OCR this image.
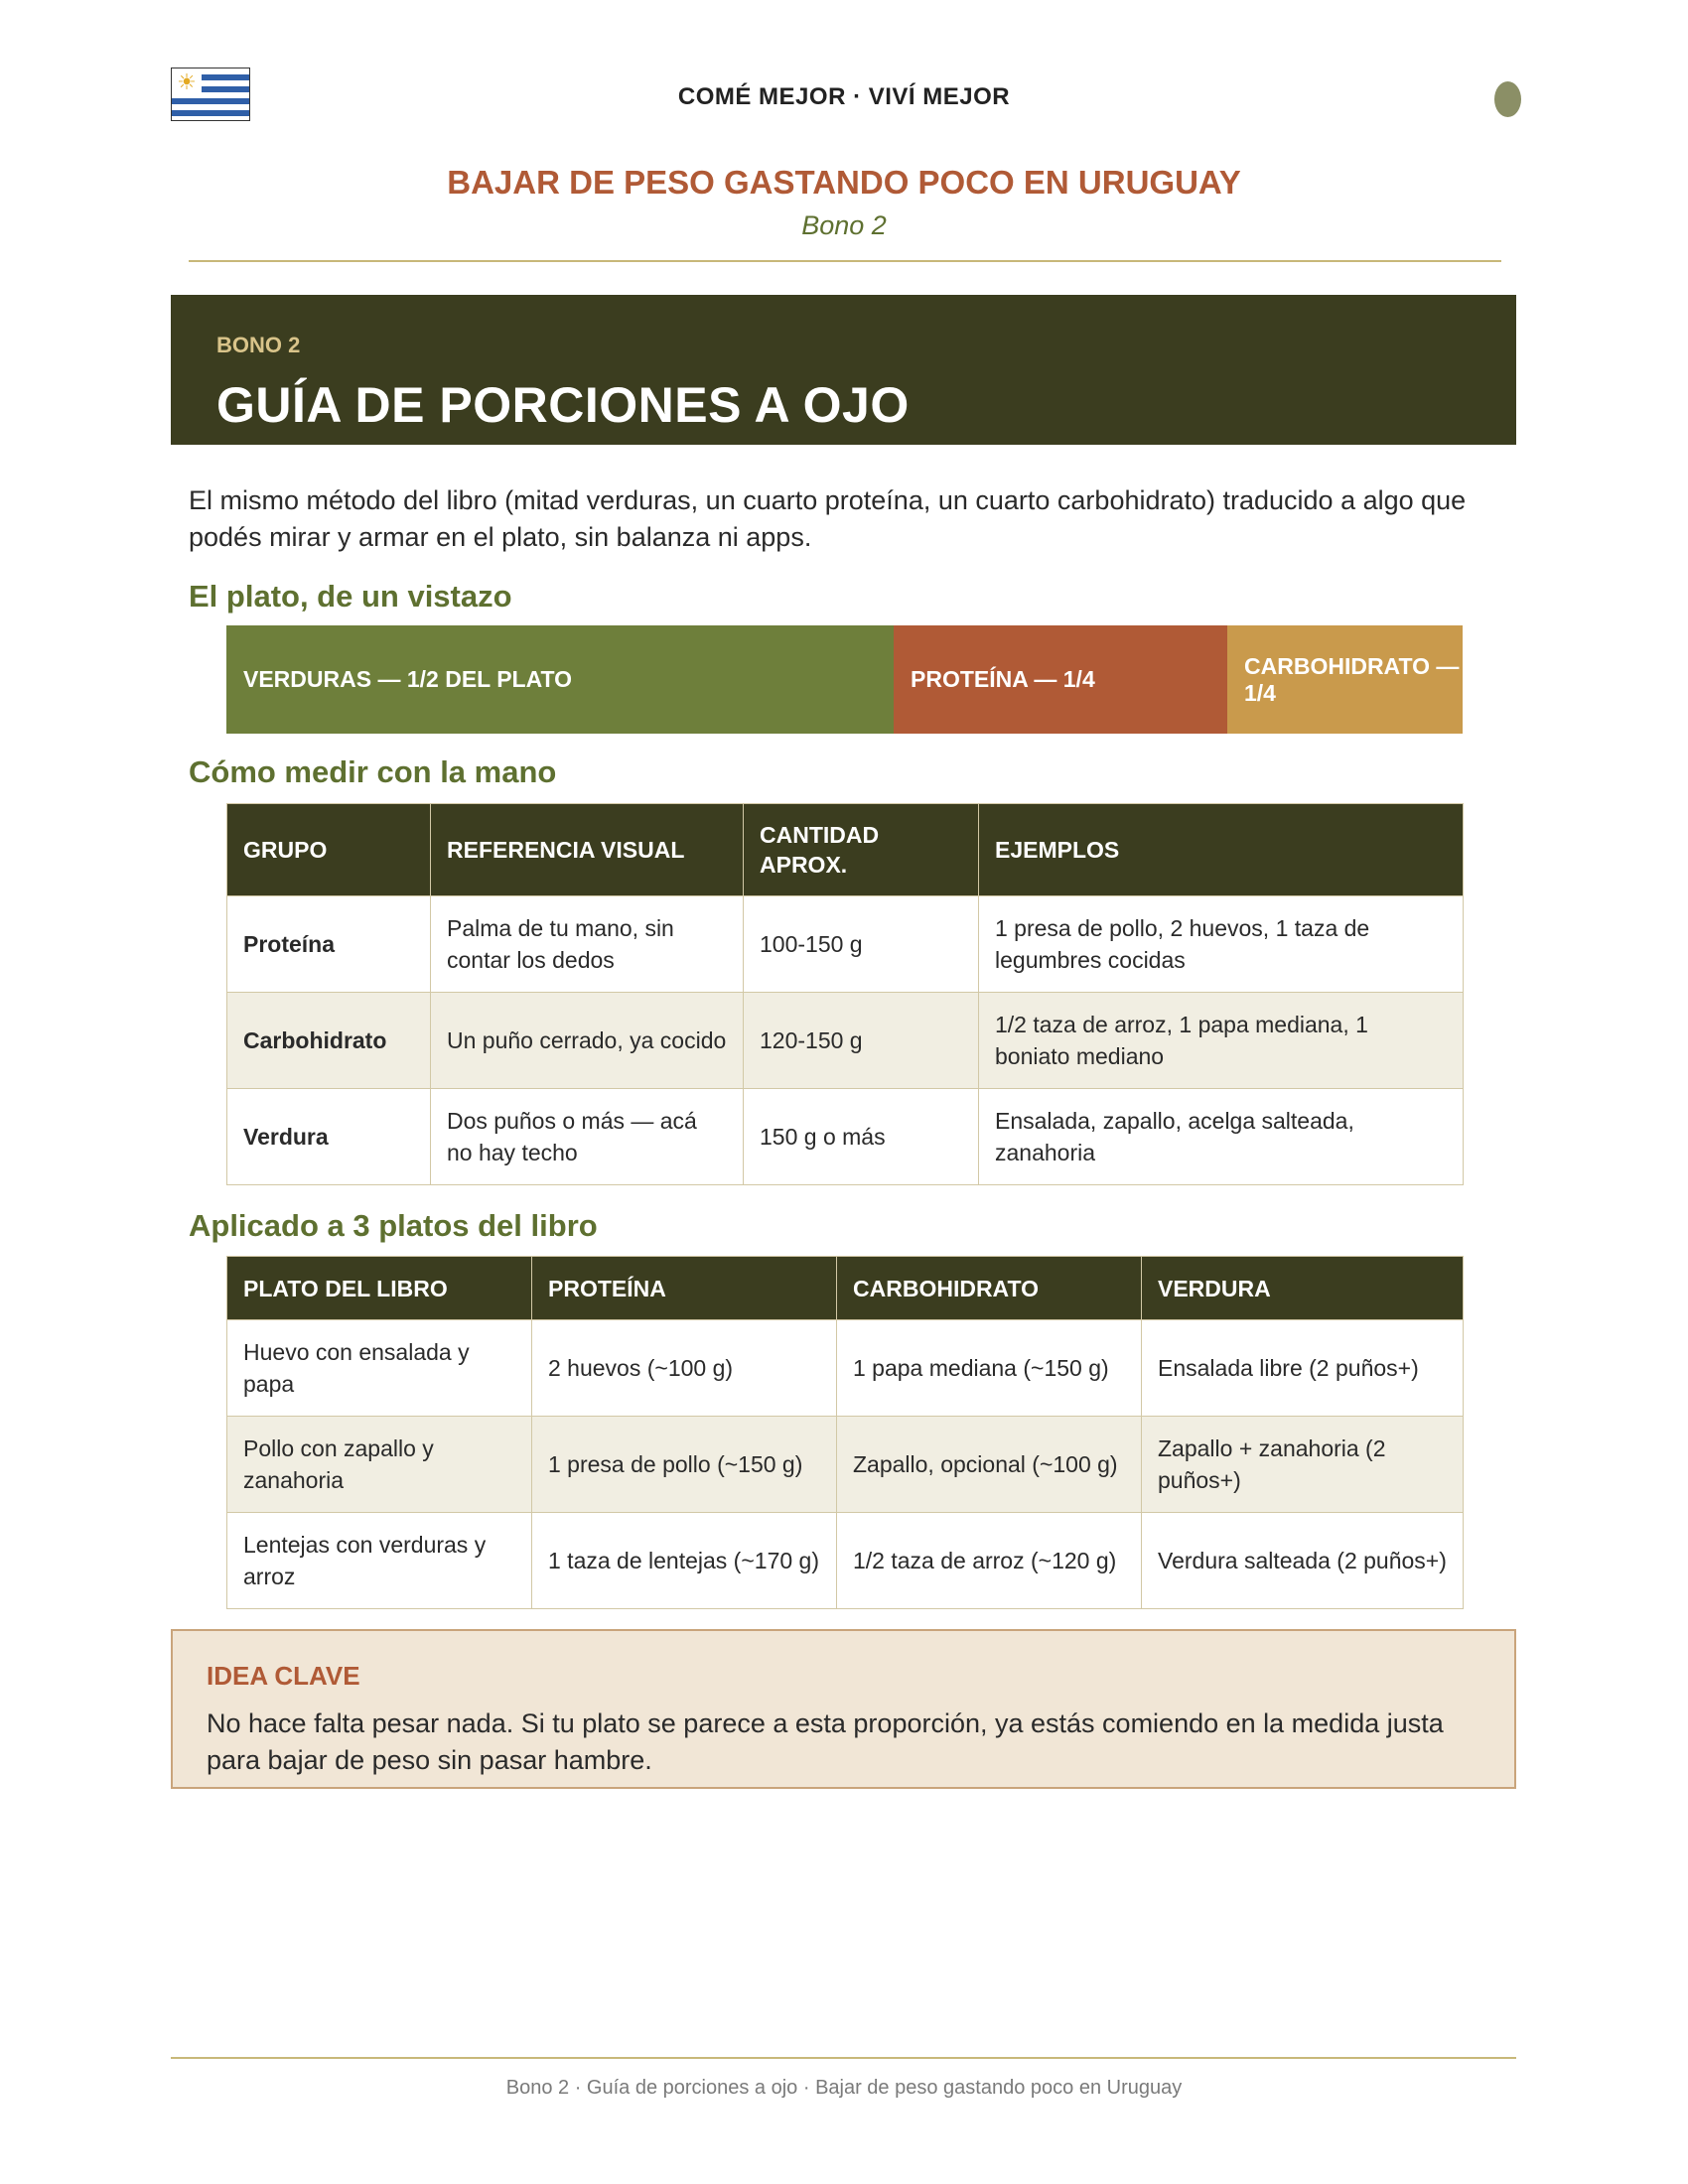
☀
COMÉ MEJOR · VIVÍ MEJOR
BAJAR DE PESO GASTANDO POCO EN URUGUAY
Bono 2
BONO 2
GUÍA DE PORCIONES A OJO
El mismo método del libro (mitad verduras, un cuarto proteína, un cuarto carbohidrato) traducido a algo que podés mirar y armar en el plato, sin balanza ni apps.
El plato, de un vistazo
VERDURAS — 1/2 DEL PLATO	PROTEÍNA — 1/4
CARBOHIDRATO — 1/4
Cómo medir con la mano
GRUPO	REFERENCIA VISUAL	CANTIDAD APROX.	EJEMPLOS
Proteína	Palma de tu mano, sin contar los dedos	100-150 g	1 presa de pollo, 2 huevos, 1 taza de legumbres cocidas
Carbohidrato	Un puño cerrado, ya cocido	120-150 g	1/2 taza de arroz, 1 papa mediana, 1 boniato mediano
Verdura	Dos puños o más — acá no hay techo	150 g o más	Ensalada, zapallo, acelga salteada, zanahoria
Aplicado a 3 platos del libro
PLATO DEL LIBRO	PROTEÍNA	CARBOHIDRATO	VERDURA
Huevo con ensalada y papa	2 huevos (~100 g)	1 papa mediana (~150 g)	Ensalada libre (2 puños+)
Pollo con zapallo y zanahoria	1 presa de pollo (~150 g)	Zapallo, opcional (~100 g)	Zapallo + zanahoria (2 puños+)
Lentejas con verduras y arroz	1 taza de lentejas (~170 g)	1/2 taza de arroz (~120 g)	Verdura salteada (2 puños+)
IDEA CLAVE
No hace falta pesar nada. Si tu plato se parece a esta proporción, ya estás comiendo en la medida justa para bajar de peso sin pasar hambre.
Bono 2 · Guía de porciones a ojo · Bajar de peso gastando poco en Uruguay
